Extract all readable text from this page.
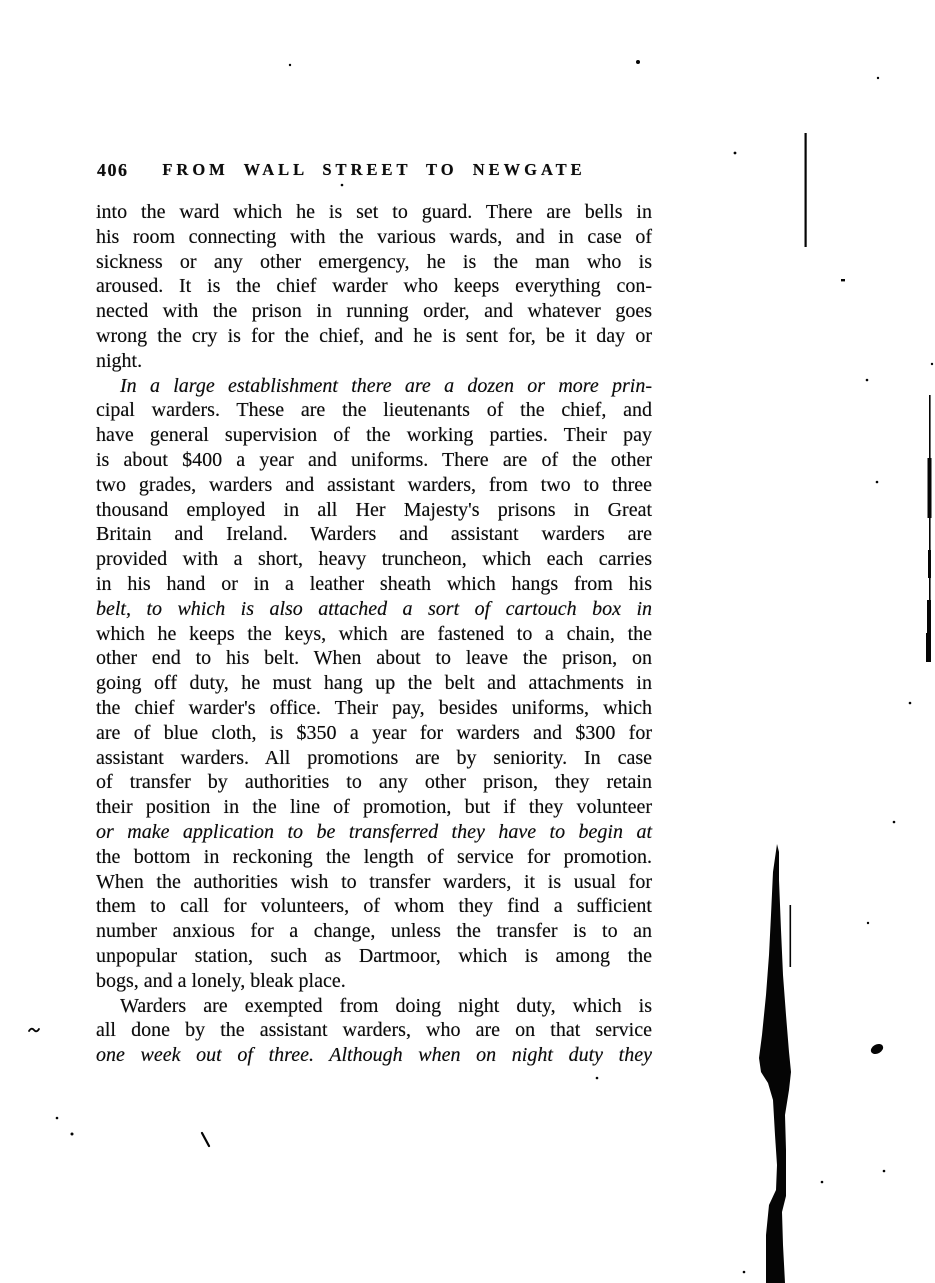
406	FROM WALL STREET TO NEWGATE
into the ward which he is set to guard. There are bells in
his room connecting with the various wards, and in case of
sickness or any other emergency, he is the man who is
aroused. It is the chief warder who keeps everything con-
nected with the prison in running order, and whatever goes
wrong the cry is for the chief, and he is sent for, be it day or
night.
In a large establishment there are a dozen or more prin-
cipal warders. These are the lieutenants of the chief, and
have general supervision of the working parties. Their pay
is about $400 a year and uniforms. There are of the other
two grades, warders and assistant warders, from two to three
thousand employed in all Her Majesty's prisons in Great
Britain and Ireland. Warders and assistant warders are
provided with a short, heavy truncheon, which each carries
in his hand or in a leather sheath which hangs from his
belt, to which is also attached a sort of cartouch box in
which he keeps the keys, which are fastened to a chain, the
other end to his belt. When about to leave the prison, on
going off duty, he must hang up the belt and attachments in
the chief warder's office. Their pay, besides uniforms, which
are of blue cloth, is $350 a year for warders and $300 for
assistant warders. All promotions are by seniority. In case
of transfer by authorities to any other prison, they retain
their position in the line of promotion, but if they volunteer
or make application to be transferred they have to begin at
the bottom in reckoning the length of service for promotion.
When the authorities wish to transfer warders, it is usual for
them to call for volunteers, of whom they find a sufficient
number anxious for a change, unless the transfer is to an
unpopular station, such as Dartmoor, which is among the
bogs, and a lonely, bleak place.
Warders are exempted from doing night duty, which is
all done by the assistant warders, who are on that service
one week out of three. Although when on night duty they
